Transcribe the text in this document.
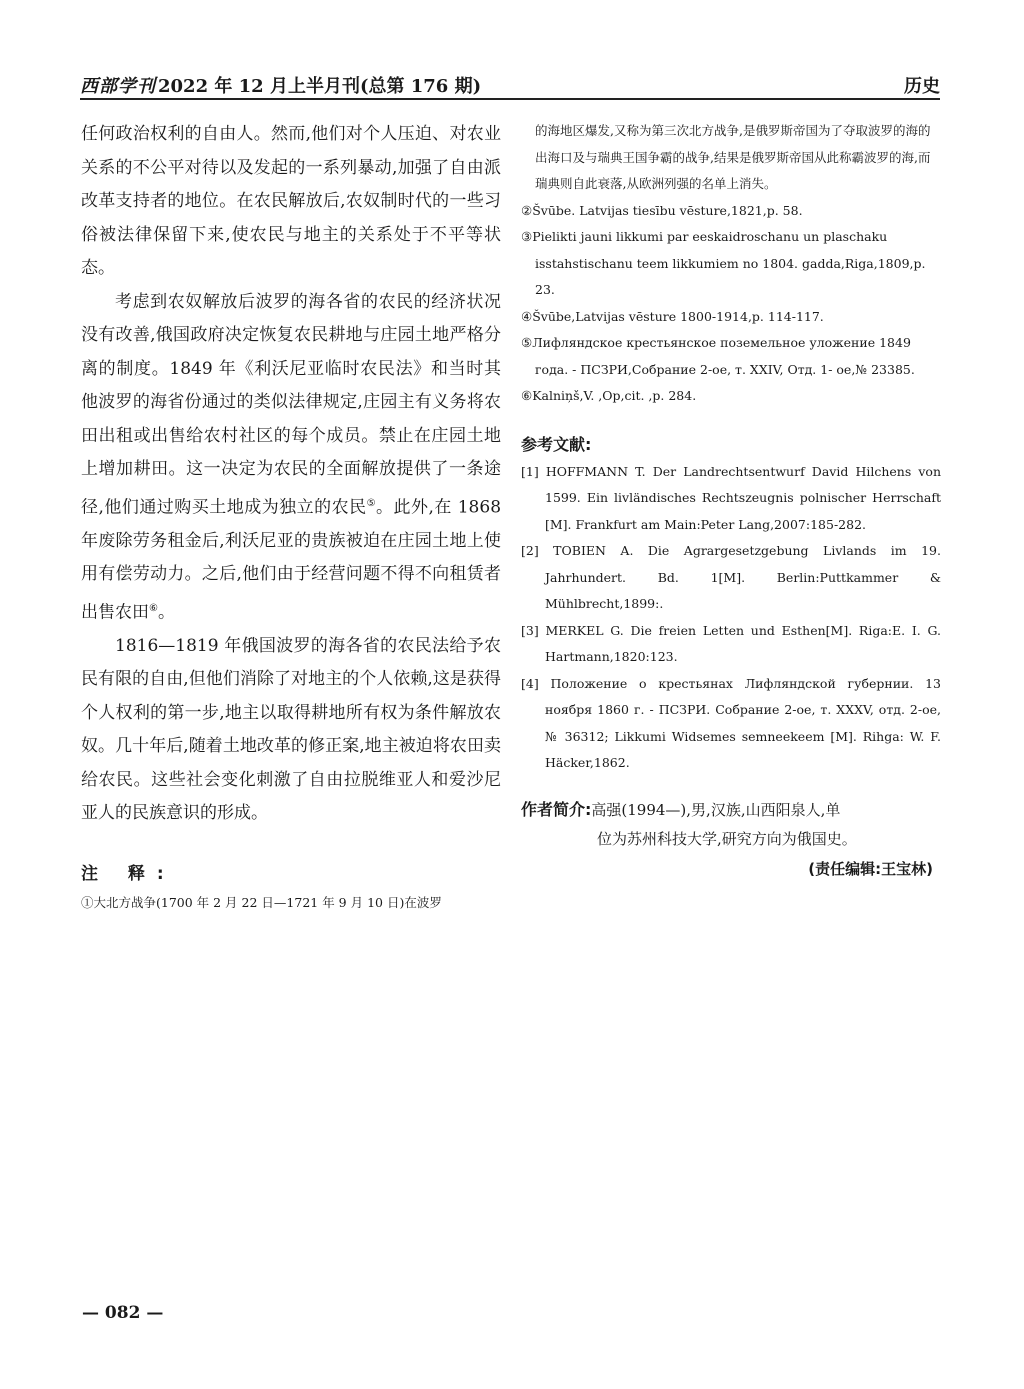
西部学刊 2022 年 12 月上半月刊(总第 176 期)	历史

任何政治权利的自由人。然而,他们对个人压迫、对农业关系的不公平对待以及发起的一系列暴动,加强了自由派改革支持者的地位。在农民解放后,农奴制时代的一些习俗被法律保留下来,使农民与地主的关系处于不平等状态。

考虑到农奴解放后波罗的海各省的农民的经济状况没有改善,俄国政府决定恢复农民耕地与庄园土地严格分离的制度。1849 年《利沃尼亚临时农民法》和当时其他波罗的海省份通过的类似法律规定,庄园主有义务将农田出租或出售给农村社区的每个成员。禁止在庄园土地上增加耕田。这一决定为农民的全面解放提供了一条途径,他们通过购买土地成为独立的农民⑤。此外,在 1868 年废除劳务租金后,利沃尼亚的贵族被迫在庄园土地上使用有偿劳动力。之后,他们由于经营问题不得不向租赁者出售农田⑥。

1816—1819 年俄国波罗的海各省的农民法给予农民有限的自由,但他们消除了对地主的个人依赖,这是获得个人权利的第一步,地主以取得耕地所有权为条件解放农奴。几十年后,随着土地改革的修正案,地主被迫将农田卖给农民。这些社会变化刺激了自由拉脱维亚人和爱沙尼亚人的民族意识的形成。

注 释:

①大北方战争(1700 年 2 月 22 日—1721 年 9 月 10 日)在波罗

的海地区爆发,又称为第三次北方战争,是俄罗斯帝国为了夺取波罗的海的出海口及与瑞典王国争霸的战争,结果是俄罗斯帝国从此称霸波罗的海,而瑞典则自此衰落,从欧洲列强的名单上消失。

②Švūbe. Latvijas tiesību vēsture,1821,p. 58.

③Pielikti jauni likkumi par eeskaidroschanu un plaschaku isstahstischanu teem likkumiem no 1804. gadda,Riga,1809,p. 23.

④Švūbe,Latvijas vēsture 1800-1914,p. 114-117.

⑤Лифляндское крестьянское поземельное уложение 1849 года. - ПСЗРИ,Собрание 2-ое, т. XXIV, Отд. 1- ое,№ 23385.

⑥Kalniņš,V. ,Op,cit. ,p. 284.

参考文献:

[1] HOFFMANN T. Der Landrechtsentwurf David Hilchens von 1599. Ein livländisches Rechtszeugnis polnischer Herrschaft [M]. Frankfurt am Main:Peter Lang,2007:185-282.

[2] TOBIEN A. Die Agrargesetzgebung Livlands im 19. Jahrhundert. Bd. 1[M]. Berlin:Puttkammer & Mühlbrecht,1899:.

[3] MERKEL G. Die freien Letten und Esthen[M]. Riga:E. I. G. Hartmann,1820:123.

[4] Положение о крестьянах Лифляндской губернии. 13 ноября 1860 г. - ПСЗРИ. Собрание 2-ое, т. XXXV, отд. 2-ое, № 36312; Likkumi Widsemes semneekeem [M]. Rihga: W. F. Häcker,1862.

作者简介:高强(1994—),男,汉族,山西阳泉人,单
位为苏州科技大学,研究方向为俄国史。
(责任编辑:王宝林)
— 082 —
